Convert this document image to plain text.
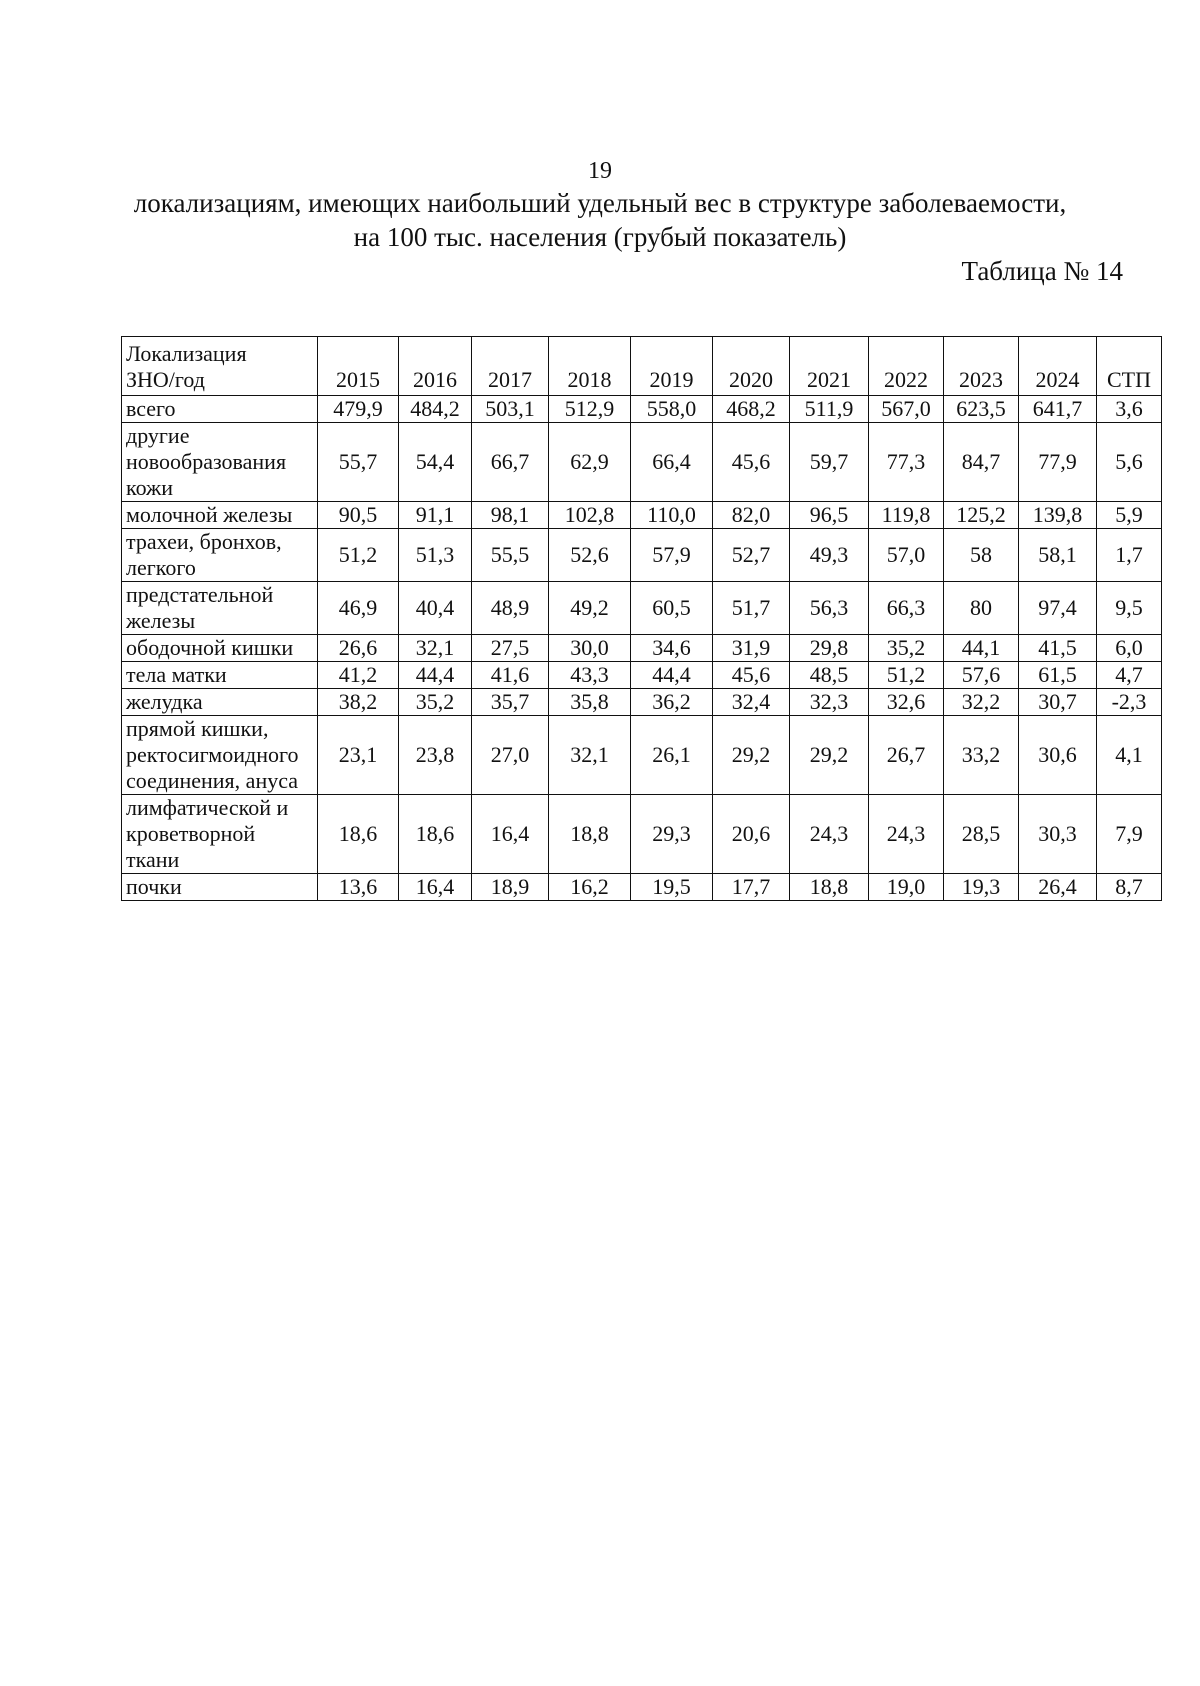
19
локализациям, имеющих наибольший удельный вес в структуре заболеваемости,
на 100 тыс. населения (грубый показатель)
Таблица № 14
Локализация
ЗНО/год	2015	2016	2017	2018	2019	2020	2021	2022	2023	2024	СТП
всего	479,9	484,2	503,1	512,9	558,0	468,2	511,9	567,0	623,5	641,7	3,6
другие
новообразования
кожи	55,7	54,4	66,7	62,9	66,4	45,6	59,7	77,3	84,7	77,9	5,6
молочной железы	90,5	91,1	98,1	102,8	110,0	82,0	96,5	119,8	125,2	139,8	5,9
трахеи, бронхов,
легкого	51,2	51,3	55,5	52,6	57,9	52,7	49,3	57,0	58	58,1	1,7
предстательной
железы	46,9	40,4	48,9	49,2	60,5	51,7	56,3	66,3	80	97,4	9,5
ободочной кишки	26,6	32,1	27,5	30,0	34,6	31,9	29,8	35,2	44,1	41,5	6,0
тела матки	41,2	44,4	41,6	43,3	44,4	45,6	48,5	51,2	57,6	61,5	4,7
желудка	38,2	35,2	35,7	35,8	36,2	32,4	32,3	32,6	32,2	30,7	-2,3
прямой кишки,
ректосигмоидного
соединения, ануса	23,1	23,8	27,0	32,1	26,1	29,2	29,2	26,7	33,2	30,6	4,1
лимфатической и
кроветворной
ткани	18,6	18,6	16,4	18,8	29,3	20,6	24,3	24,3	28,5	30,3	7,9
почки	13,6	16,4	18,9	16,2	19,5	17,7	18,8	19,0	19,3	26,4	8,7
